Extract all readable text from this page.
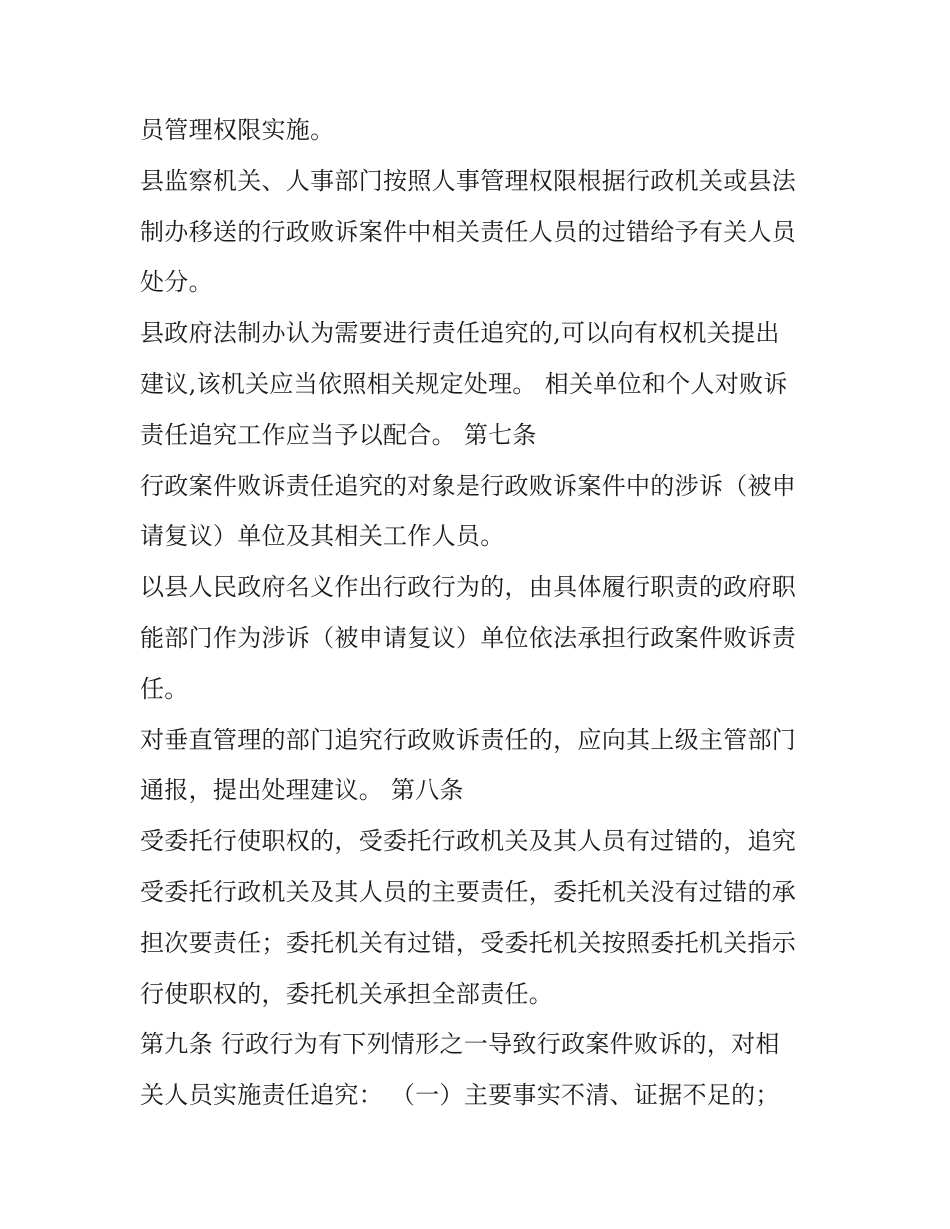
员管理权限实施。
县监察机关、人事部门按照人事管理权限根据行政机关或县法
制办移送的行政败诉案件中相关责任人员的过错给予有关人员
处分。
县政府法制办认为需要进行责任追究的,可以向有权机关提出
建议,该机关应当依照相关规定处理。 相关单位和个人对败诉
责任追究工作应当予以配合。 第七条
行政案件败诉责任追究的对象是行政败诉案件中的涉诉（被申
请复议）单位及其相关工作人员。
以县人民政府名义作出行政行为的，由具体履行职责的政府职
能部门作为涉诉（被申请复议）单位依法承担行政案件败诉责
任。
对垂直管理的部门追究行政败诉责任的，应向其上级主管部门
通报，提出处理建议。 第八条
受委托行使职权的，受委托行政机关及其人员有过错的，追究
受委托行政机关及其人员的主要责任，委托机关没有过错的承
担次要责任；委托机关有过错，受委托机关按照委托机关指示
行使职权的，委托机关承担全部责任。
第九条 行政行为有下列情形之一导致行政案件败诉的，对相
关人员实施责任追究： （一）主要事实不清、证据不足的；
